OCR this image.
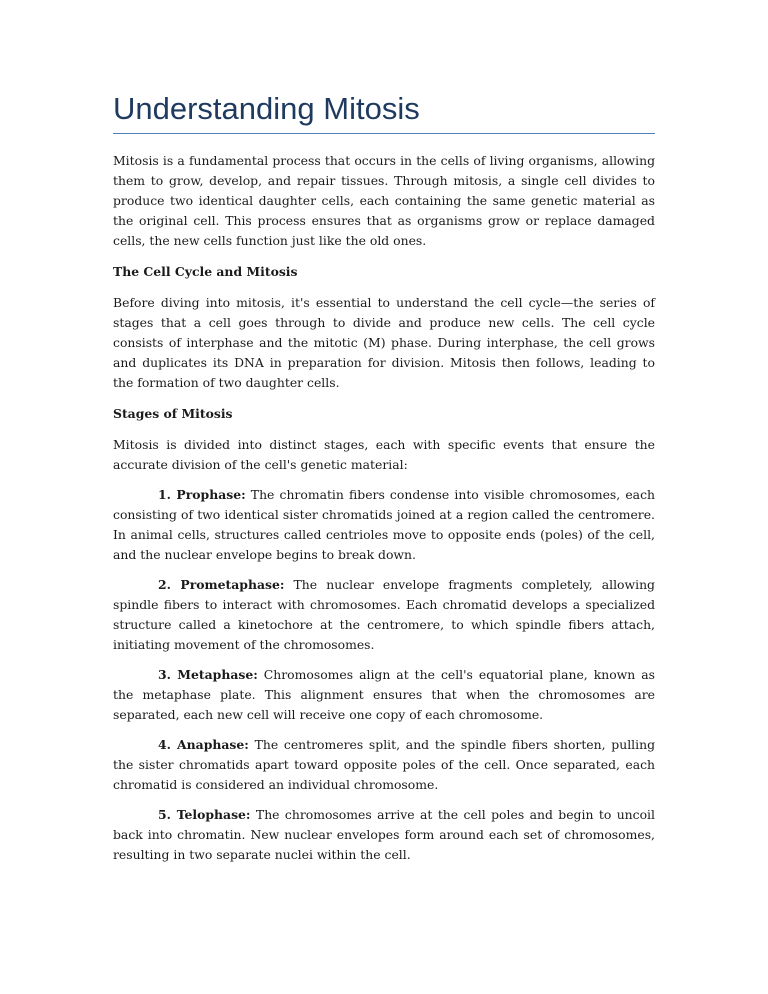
Understanding Mitosis

Mitosis is a fundamental process that occurs in the cells of living organisms, allowing them to grow, develop, and repair tissues. Through mitosis, a single cell divides to produce two identical daughter cells, each containing the same genetic material as the original cell. This process ensures that as organisms grow or replace damaged cells, the new cells function just like the old ones.

The Cell Cycle and Mitosis

Before diving into mitosis, it's essential to understand the cell cycle—the series of stages that a cell goes through to divide and produce new cells. The cell cycle consists of interphase and the mitotic (M) phase. During interphase, the cell grows and duplicates its DNA in preparation for division. Mitosis then follows, leading to the formation of two daughter cells.

Stages of Mitosis

Mitosis is divided into distinct stages, each with specific events that ensure the accurate division of the cell's genetic material:

1. Prophase: The chromatin fibers condense into visible chromosomes, each consisting of two identical sister chromatids joined at a region called the centromere. In animal cells, structures called centrioles move to opposite ends (poles) of the cell, and the nuclear envelope begins to break down.

2. Prometaphase: The nuclear envelope fragments completely, allowing spindle fibers to interact with chromosomes. Each chromatid develops a specialized structure called a kinetochore at the centromere, to which spindle fibers attach, initiating movement of the chromosomes.

3. Metaphase: Chromosomes align at the cell's equatorial plane, known as the metaphase plate. This alignment ensures that when the chromosomes are separated, each new cell will receive one copy of each chromosome.

4. Anaphase: The centromeres split, and the spindle fibers shorten, pulling the sister chromatids apart toward opposite poles of the cell. Once separated, each chromatid is considered an individual chromosome.

5. Telophase: The chromosomes arrive at the cell poles and begin to uncoil back into chromatin. New nuclear envelopes form around each set of chromosomes, resulting in two separate nuclei within the cell.
